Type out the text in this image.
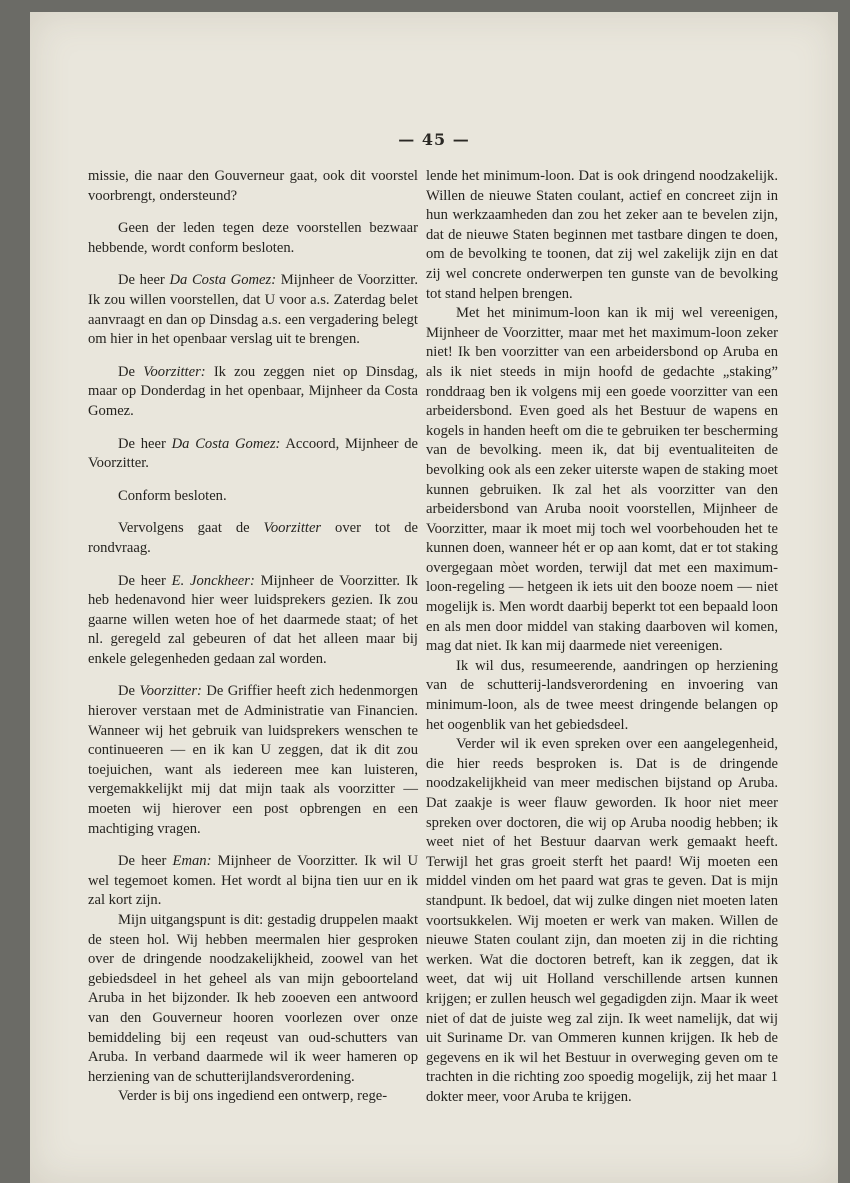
— 45 —

missie, die naar den Gouverneur gaat, ook dit voorstel voorbrengt, ondersteund?

Geen der leden tegen deze voorstellen bezwaar hebbende, wordt conform besloten.

De heer Da Costa Gomez: Mijnheer de Voorzitter. Ik zou willen voorstellen, dat U voor a.s. Zaterdag belet aanvraagt en dan op Dinsdag a.s. een vergadering belegt om hier in het openbaar verslag uit te brengen.

De Voorzitter: Ik zou zeggen niet op Dinsdag, maar op Donderdag in het openbaar, Mijnheer da Costa Gomez.

De heer Da Costa Gomez: Accoord, Mijnheer de Voorzitter.

Conform besloten.

Vervolgens gaat de Voorzitter over tot de rondvraag.

De heer E. Jonckheer: Mijnheer de Voorzitter. Ik heb hedenavond hier weer luidsprekers gezien. Ik zou gaarne willen weten hoe of het daarmede staat; of het nl. geregeld zal gebeuren of dat het alleen maar bij enkele gelegenheden gedaan zal worden.

De Voorzitter: De Griffier heeft zich hedenmorgen hierover verstaan met de Administratie van Financien. Wanneer wij het gebruik van luidsprekers wenschen te continueeren — en ik kan U zeggen, dat ik dit zou toejuichen, want als iedereen mee kan luisteren, vergemakkelijkt mij dat mijn taak als voorzitter — moeten wij hierover een post opbrengen en een machtiging vragen.

De heer Eman: Mijnheer de Voorzitter. Ik wil U wel tegemoet komen. Het wordt al bijna tien uur en ik zal kort zijn.

Mijn uitgangspunt is dit: gestadig druppelen maakt de steen hol. Wij hebben meermalen hier gesproken over de dringende noodzakelijkheid, zoowel van het gebiedsdeel in het geheel als van mijn geboorteland Aruba in het bijzonder. Ik heb zooeven een antwoord van den Gouverneur hooren voorlezen over onze bemiddeling bij een reqeust van oud-schutters van Aruba. In verband daarmede wil ik weer hameren op herziening van de schutterijlandsverordening.

Verder is bij ons ingediend een ontwerp, rege-

lende het minimum-loon. Dat is ook dringend noodzakelijk. Willen de nieuwe Staten coulant, actief en concreet zijn in hun werkzaamheden dan zou het zeker aan te bevelen zijn, dat de nieuwe Staten beginnen met tastbare dingen te doen, om de bevolking te toonen, dat zij wel zakelijk zijn en dat zij wel concrete onderwerpen ten gunste van de bevolking tot stand helpen brengen.

Met het minimum-loon kan ik mij wel vereenigen, Mijnheer de Voorzitter, maar met het maximum-loon zeker niet! Ik ben voorzitter van een arbeidersbond op Aruba en als ik niet steeds in mijn hoofd de gedachte „staking” ronddraag ben ik volgens mij een goede voorzitter van een arbeidersbond. Even goed als het Bestuur de wapens en kogels in handen heeft om die te gebruiken ter bescherming van de bevolking. meen ik, dat bij eventualiteiten de bevolking ook als een zeker uiterste wapen de staking moet kunnen gebruiken. Ik zal het als voorzitter van den arbeidersbond van Aruba nooit voorstellen, Mijnheer de Voorzitter, maar ik moet mij toch wel voorbehouden het te kunnen doen, wanneer hét er op aan komt, dat er tot staking overgegaan mòet worden, terwijl dat met een maximum-loon-regeling — hetgeen ik iets uit den booze noem — niet mogelijk is. Men wordt daarbij beperkt tot een bepaald loon en als men door middel van staking daarboven wil komen, mag dat niet. Ik kan mij daarmede niet vereenigen.

Ik wil dus, resumeerende, aandringen op herziening van de schutterij-landsverordening en invoering van minimum-loon, als de twee meest dringende belangen op het oogenblik van het gebiedsdeel.

Verder wil ik even spreken over een aangelegenheid, die hier reeds besproken is. Dat is de dringende noodzakelijkheid van meer medischen bijstand op Aruba. Dat zaakje is weer flauw geworden. Ik hoor niet meer spreken over doctoren, die wij op Aruba noodig hebben; ik weet niet of het Bestuur daarvan werk gemaakt heeft. Terwijl het gras groeit sterft het paard! Wij moeten een middel vinden om het paard wat gras te geven. Dat is mijn standpunt. Ik bedoel, dat wij zulke dingen niet moeten laten voortsukkelen. Wij moeten er werk van maken. Willen de nieuwe Staten coulant zijn, dan moeten zij in die richting werken. Wat die doctoren betreft, kan ik zeggen, dat ik weet, dat wij uit Holland verschillende artsen kunnen krijgen; er zullen heusch wel gegadigden zijn. Maar ik weet niet of dat de juiste weg zal zijn. Ik weet namelijk, dat wij uit Suriname Dr. van Ommeren kunnen krijgen. Ik heb de gegevens en ik wil het Bestuur in overweging geven om te trachten in die richting zoo spoedig mogelijk, zij het maar 1 dokter meer, voor Aruba te krijgen.
